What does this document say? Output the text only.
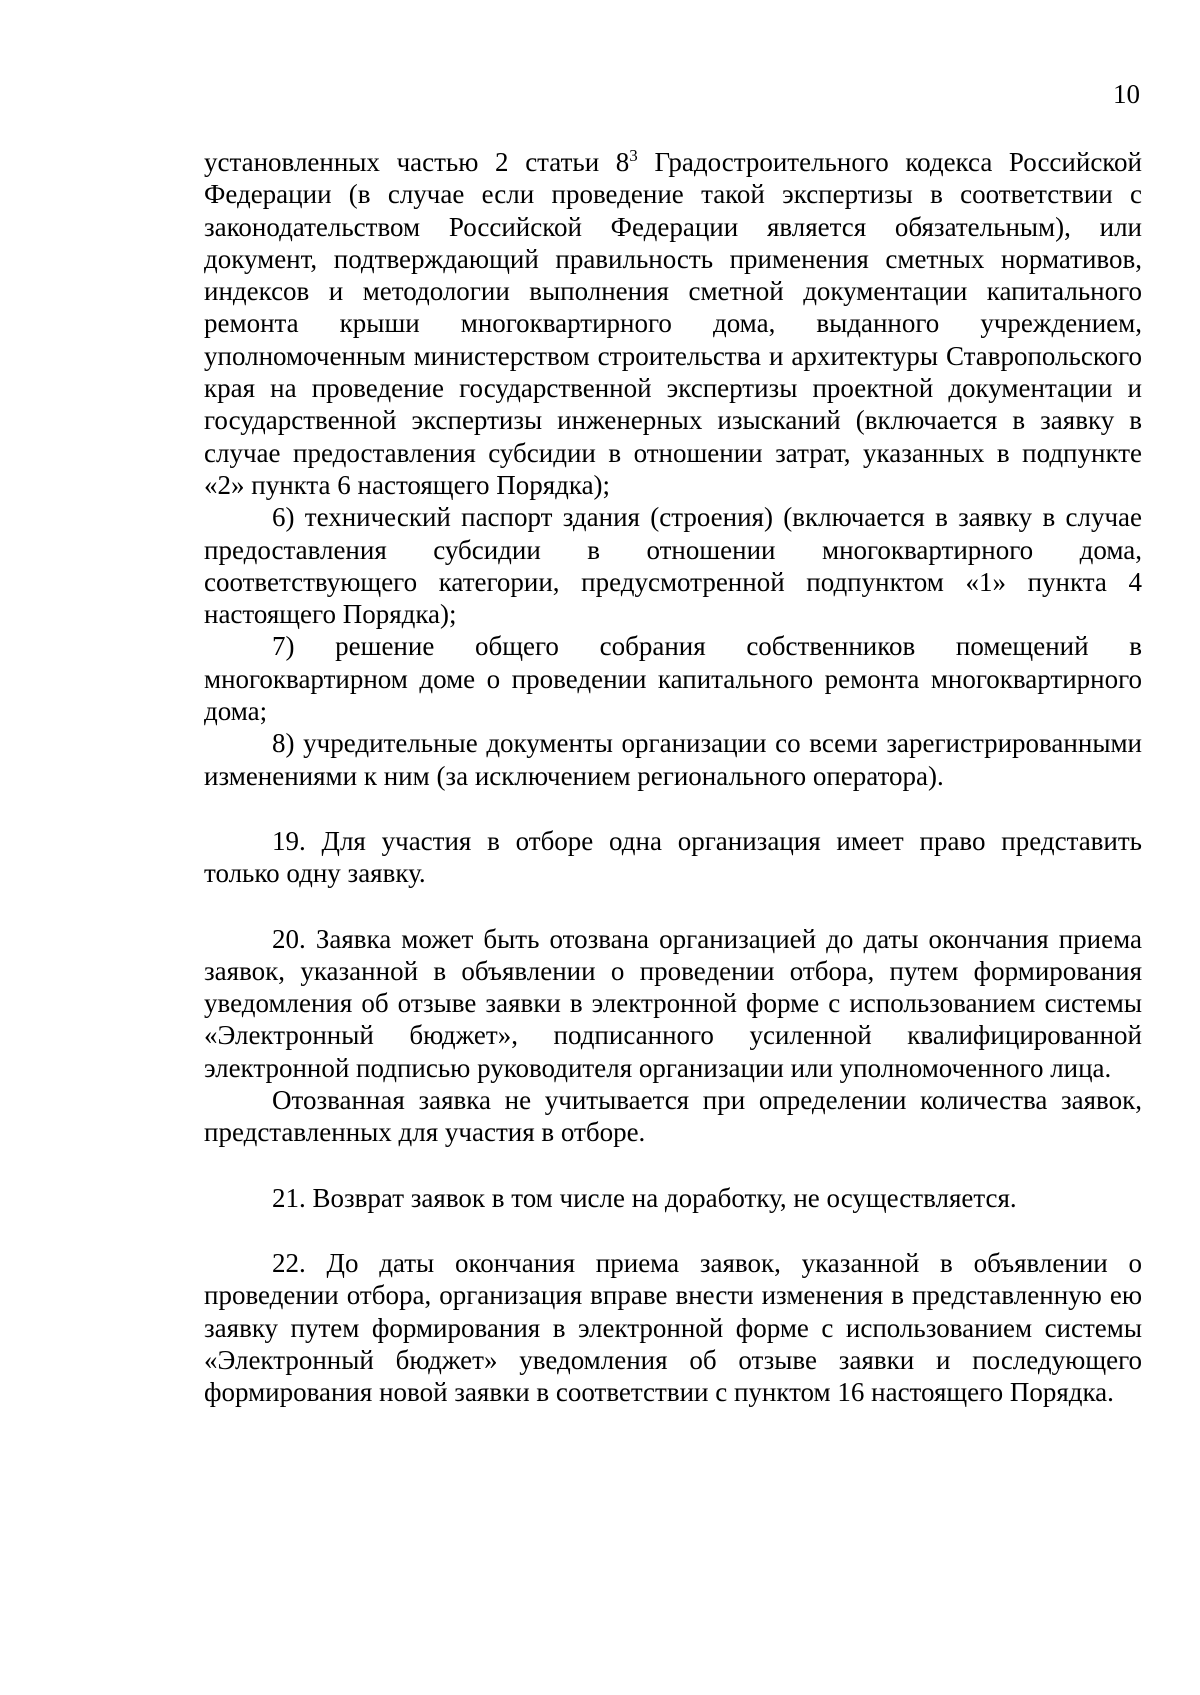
10

установленных частью 2 статьи $8^3$ Градостроительного кодекса Российской Федерации (в случае если проведение такой экспертизы в соответствии с законодательством Российской Федерации является обязательным), или документ, подтверждающий правильность применения сметных нормативов, индексов и методологии выполнения сметной документации капитального ремонта крыши многоквартирного дома, выданного учреждением, уполномоченным министерством строительства и архитектуры Ставропольского края на проведение государственной экспертизы проектной документации и государственной экспертизы инженерных изысканий (включается в заявку в случае предоставления субсидии в отношении затрат, указанных в подпункте «2» пункта 6 настоящего Порядка);

6) технический паспорт здания (строения) (включается в заявку в случае предоставления субсидии в отношении многоквартирного дома, соответствующего категории, предусмотренной подпунктом «1» пункта 4 настоящего Порядка);

7) решение общего собрания собственников помещений в многоквартирном доме о проведении капитального ремонта многоквартирного дома;

8) учредительные документы организации со всеми зарегистрированными изменениями к ним (за исключением регионального оператора).

19. Для участия в отборе одна организация имеет право представить только одну заявку.

20. Заявка может быть отозвана организацией до даты окончания приема заявок, указанной в объявлении о проведении отбора, путем формирования уведомления об отзыве заявки в электронной форме с использованием системы «Электронный бюджет», подписанного усиленной квалифицированной электронной подписью руководителя организации или уполномоченного лица.

Отозванная заявка не учитывается при определении количества заявок, представленных для участия в отборе.

21. Возврат заявок в том числе на доработку, не осуществляется.

22. До даты окончания приема заявок, указанной в объявлении о проведении отбора, организация вправе внести изменения в представленную ею заявку путем формирования в электронной форме с использованием системы «Электронный бюджет» уведомления об отзыве заявки и последующего формирования новой заявки в соответствии с пунктом 16 настоящего Порядка.
